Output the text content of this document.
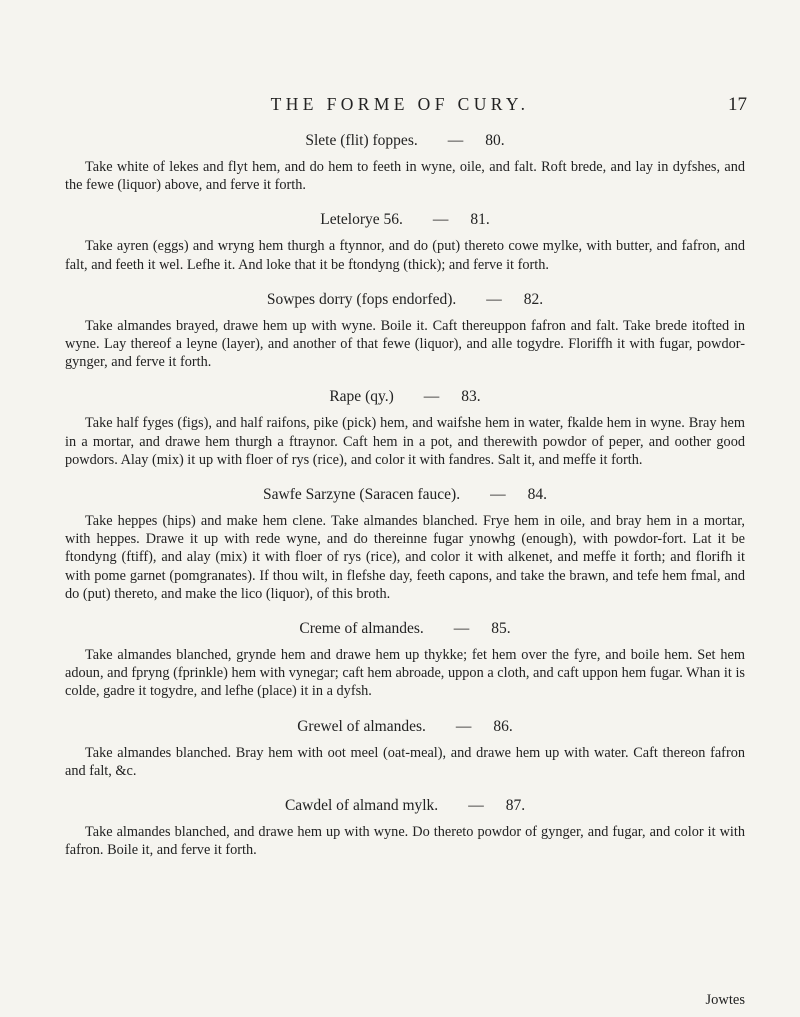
THE FORME OF CURY.	17

Slete (flit) foppes. — 80.

Take white of lekes and flyt hem, and do hem to feeth in wyne, oile, and falt. Roft brede, and lay in dyfshes, and the fewe (liquor) above, and ferve it forth.

Letelorye 56. — 81.

Take ayren (eggs) and wryng hem thurgh a ftynnor, and do (put) thereto cowe mylke, with butter, and fafron, and falt, and feeth it wel. Lefhe it. And loke that it be ftondyng (thick); and ferve it forth.

Sowpes dorry (fops endorfed). — 82.

Take almandes brayed, drawe hem up with wyne. Boile it. Caft thereuppon fafron and falt. Take brede itofted in wyne. Lay thereof a leyne (layer), and another of that fewe (liquor), and alle togydre. Floriffh it with fugar, powdor-gynger, and ferve it forth.

Rape (qy.) — 83.

Take half fyges (figs), and half raifons, pike (pick) hem, and waifshe hem in water, fkalde hem in wyne. Bray hem in a mortar, and drawe hem thurgh a ftraynor. Caft hem in a pot, and therewith powdor of peper, and oother good powdors. Alay (mix) it up with floer of rys (rice), and color it with fandres. Salt it, and meffe it forth.

Sawfe Sarzyne (Saracen fauce). — 84.

Take heppes (hips) and make hem clene. Take almandes blanched. Frye hem in oile, and bray hem in a mortar, with heppes. Drawe it up with rede wyne, and do thereinne fugar ynowhg (enough), with powdor-fort. Lat it be ftondyng (ftiff), and alay (mix) it with floer of rys (rice), and color it with alkenet, and meffe it forth; and florifh it with pome garnet (pomgranates). If thou wilt, in flefshe day, feeth capons, and take the brawn, and tefe hem fmal, and do (put) thereto, and make the lico (liquor), of this broth.

Creme of almandes. — 85.

Take almandes blanched, grynde hem and drawe hem up thykke; fet hem over the fyre, and boile hem. Set hem adoun, and fpryng (fprinkle) hem with vynegar; caft hem abroade, uppon a cloth, and caft uppon hem fugar. Whan it is colde, gadre it togydre, and lefhe (place) it in a dyfsh.

Grewel of almandes. — 86.

Take almandes blanched. Bray hem with oot meel (oat-meal), and drawe hem up with water. Caft thereon fafron and falt, &c.

Cawdel of almand mylk. — 87.

Take almandes blanched, and drawe hem up with wyne. Do thereto powdor of gynger, and fugar, and color it with fafron. Boile it, and ferve it forth.

Jowtes
